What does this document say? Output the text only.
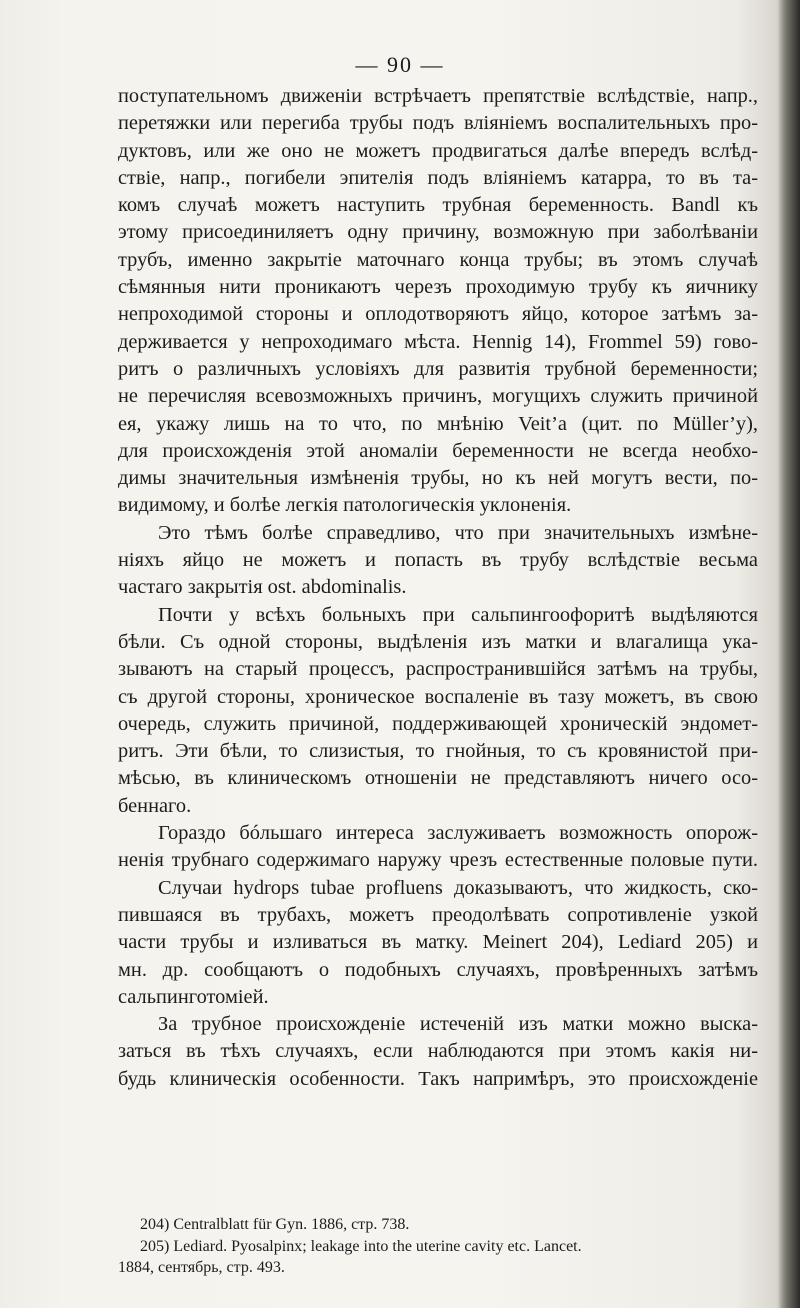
— 90 —
поступательномъ движеніи встрѣчаетъ препятствіе вслѣдствіе, напр.,
перетяжки или перегиба трубы подъ вліяніемъ воспалительныхъ про-
дуктовъ, или же оно не можетъ продвигаться далѣе впередъ вслѣд-
ствіе, напр., погибели эпителія подъ вліяніемъ катарра, то въ та-
комъ случаѣ можетъ наступить трубная беременность. Bandl къ
этому присоединиляетъ одну причину, возможную при заболѣваніи
трубъ, именно закрытіе маточнаго конца трубы; въ этомъ случаѣ
сѣмянныя нити проникаютъ черезъ проходимую трубу къ яичнику
непроходимой стороны и оплодотворяютъ яйцо, которое затѣмъ за-
держивается у непроходимаго мѣста. Hennig 14), Frommel 59) гово-
ритъ о различныхъ условіяхъ для развитія трубной беременности;
не перечисляя всевозможныхъ причинъ, могущихъ служить причиной
ея, укажу лишь на то что, по мнѣнію Veit’а (цит. по Müller’у),
для происхожденія этой аномаліи беременности не всегда необхо-
димы значительныя измѣненія трубы, но къ ней могутъ вести, по-
видимому, и болѣе легкія патологическія уклоненія.
Это тѣмъ болѣе справедливо, что при значительныхъ измѣне-
ніяхъ яйцо не можетъ и попасть въ трубу вслѣдствіе весьма
частаго закрытія ost. abdominalis.
Почти у всѣхъ больныхъ при сальпингоофоритѣ выдѣляются
бѣли. Съ одной стороны, выдѣленія изъ матки и влагалища ука-
зываютъ на старый процессъ, распространившійся затѣмъ на трубы,
съ другой стороны, хроническое воспаленіе въ тазу можетъ, въ свою
очередь, служить причиной, поддерживающей хроническій эндомет-
ритъ. Эти бѣли, то слизистыя, то гнойныя, то съ кровянистой при-
мѣсью, въ клиническомъ отношеніи не представляютъ ничего осо-
беннаго.
Гораздо бóльшаго интереса заслуживаетъ возможность опорож-
ненія трубнаго содержимаго наружу чрезъ естественные половые пути.
Случаи hydrops tubae profluens доказываютъ, что жидкость, ско-
пившаяся въ трубахъ, можетъ преодолѣвать сопротивленіе узкой
части трубы и изливаться въ матку. Meinert 204), Lediard 205) и
мн. др. сообщаютъ о подобныхъ случаяхъ, провѣренныхъ затѣмъ
сальпинготоміей.
За трубное происхожденіе истеченій изъ матки можно выска-
заться въ тѣхъ случаяхъ, если наблюдаются при этомъ какія ни-
будь клиническія особенности. Такъ напримѣръ, это происхожденіе
204) Centralblatt für Gyn. 1886, стр. 738.
205) Lediard. Pyosalpinx; leakage into the uterine cavity etc. Lancet.
1884, сентябрь, стр. 493.
